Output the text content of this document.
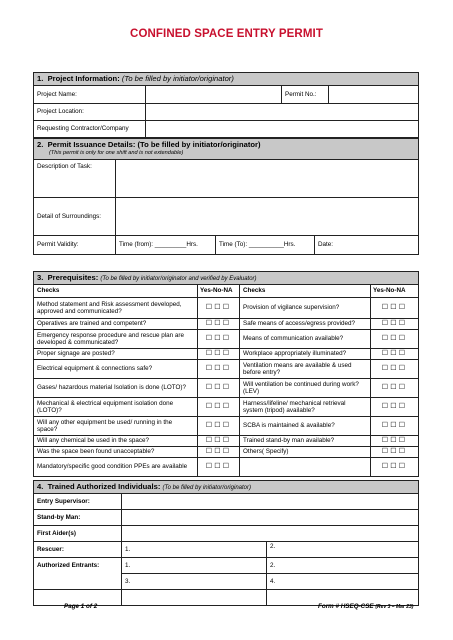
CONFINED SPACE ENTRY PERMIT
1. Project Information: (To be filled by initiator/originator)			
Project Name:		Permit No.:	
Project Location:			
Requesting Contractor/Company			
2. Permit Issuance Details: (To be filled by initiator/originator)
(This permit is only for one shift and is not extendable)			

Description of Task:			
Detail of Surroundings:			
Permit Validity:	Time (from): _________Hrs.	Time (To): __________Hrs.	Date:
3. Prerequisites: (To be filled by initiator/originator and verified by Evaluator)			
Checks	Yes-No-NA	Checks	Yes-No-NA
Method statement and Risk assessment developed, approved and communicated?	☐☐☐	Provision of vigilance supervision?	☐☐☐
Operatives are trained and competent?	☐☐☐	Safe means of access/egress provided?	☐☐☐
Emergency response procedure and rescue plan are developed & communicated?	☐☐☐	Means of communication available?	☐☐☐
Proper signage are posted?	☐☐☐	Workplace appropriately illuminated?	☐☐☐
Electrical equipment & connections safe?	☐☐☐	Ventilation means are available & used before entry?	☐☐☐
Gases/ hazardous material Isolation is done (LOTO)?	☐☐☐	Will ventilation be continued during work? (LEV)	☐☐☐
Mechanical & electrical equipment isolation done (LOTO)?	☐☐☐	Harness/lifeline/ mechanical retrieval system (tripod) available?	☐☐☐
Will any other equipment be used/ running in the space?	☐☐☐	SCBA is maintained & available?	☐☐☐
Will any chemical be used in the space?	☐☐☐	Trained stand-by man available?	☐☐☐
Was the space been found unacceptable?	☐☐☐	Others( Specify)	☐☐☐
Mandatory/specific good condition PPEs are available	☐☐☐		☐☐☐
4. Trained Authorized Individuals: (To be filled by initiator/originator)		
Entry Supervisor:		
Stand-by Man:		
First Aider(s)		
Rescuer:	1.	2.
Authorized Entrants:	1.	2.
	3.	4.

Page 1 of 2	Form # HSEQ-CSE (Rev 3 – Mar 23)
